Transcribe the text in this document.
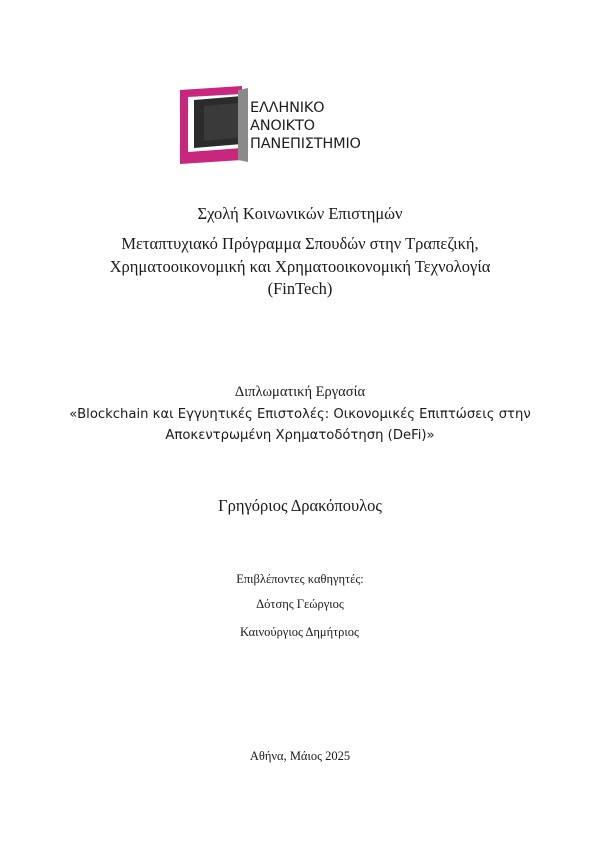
ΕΛΛΗΝΙΚΟ
ΑΝΟΙΚΤΟ
ΠΑΝΕΠΙΣΤΗΜΙΟ
Σχολή Κοινωνικών Επιστημών
Μεταπτυχιακό Πρόγραμμα Σπουδών στην Τραπεζική,
Χρηματοοικονομική και Χρηματοοικονομική Τεχνολογία
(FinTech)
Διπλωματική Εργασία
«Blockchain και Εγγυητικές Επιστολές: Οικονομικές Επιπτώσεις στην
Αποκεντρωμένη Χρηματοδότηση (DeFi)»
Γρηγόριος Δρακόπουλος
Επιβλέποντες καθηγητές:
Δότσης Γεώργιος
Καινούργιος Δημήτριος
Αθήνα, Μάιος 2025
